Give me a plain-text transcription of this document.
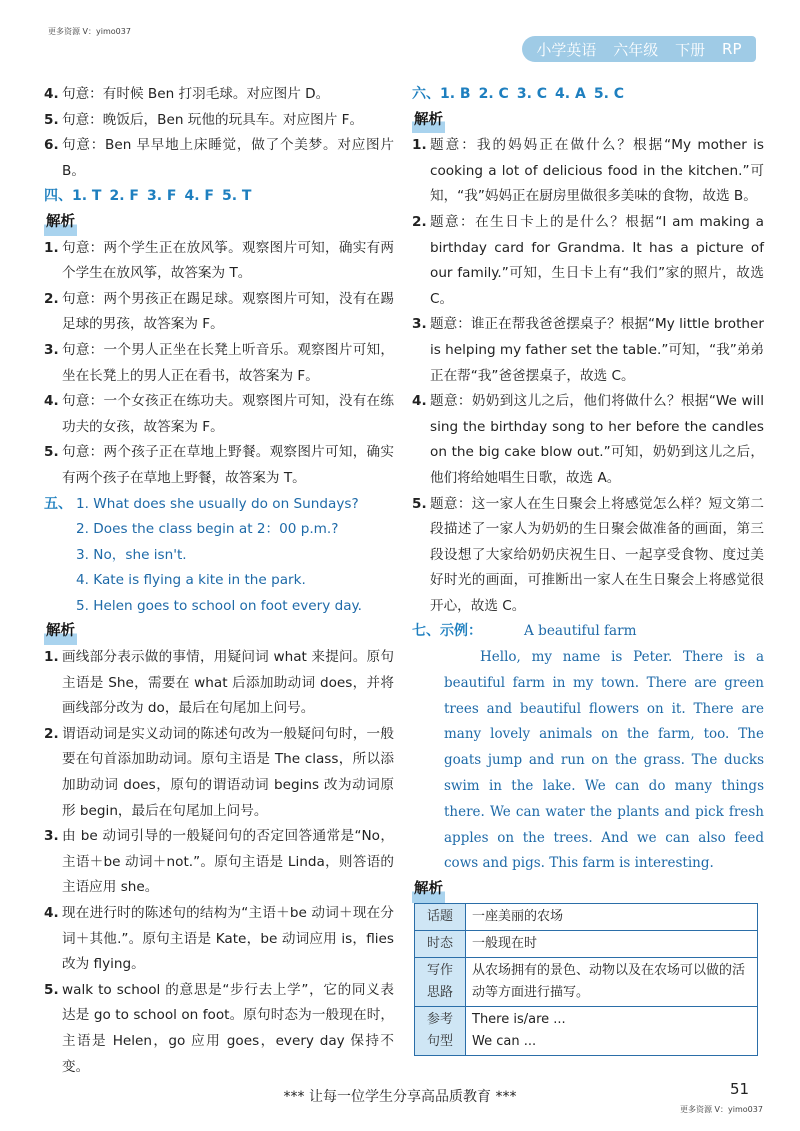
更多资源 V：yimo037
小学英语 六年级 下册 RP
4. 句意：有时候 Ben 打羽毛球。对应图片 D。
5. 句意：晚饭后，Ben 玩他的玩具车。对应图片 F。
6. 句意：Ben 早早地上床睡觉，做了个美梦。对应图片 B。
四、1. T 2. F 3. F 4. F 5. T
解析
1. 句意：两个学生正在放风筝。观察图片可知，确实有两个学生在放风筝，故答案为 T。
2. 句意：两个男孩正在踢足球。观察图片可知，没有在踢足球的男孩，故答案为 F。
3. 句意：一个男人正坐在长凳上听音乐。观察图片可知，坐在长凳上的男人正在看书，故答案为 F。
4. 句意：一个女孩正在练功夫。观察图片可知，没有在练功夫的女孩，故答案为 F。
5. 句意：两个孩子正在草地上野餐。观察图片可知，确实有两个孩子在草地上野餐，故答案为 T。
五、 1. What does she usually do on Sundays?
2. Does the class begin at 2：00 p.m.?
3. No，she isn't.
4. Kate is flying a kite in the park.
5. Helen goes to school on foot every day.
解析
1. 画线部分表示做的事情，用疑问词 what 来提问。原句主语是 She，需要在 what 后添加助动词 does，并将画线部分改为 do，最后在句尾加上问号。
2. 谓语动词是实义动词的陈述句改为一般疑问句时，一般要在句首添加助动词。原句主语是 The class，所以添加助动词 does，原句的谓语动词 begins 改为动词原形 begin，最后在句尾加上问号。
3. 由 be 动词引导的一般疑问句的否定回答通常是“No，主语＋be 动词＋not.”。原句主语是 Linda，则答语的主语应用 she。
4. 现在进行时的陈述句的结构为“主语＋be 动词＋现在分词＋其他.”。原句主语是 Kate，be 动词应用 is，flies 改为 flying。
5. walk to school 的意思是“步行去上学”，它的同义表达是 go to school on foot。原句时态为一般现在时，主语是 Helen，go 应用 goes，every day 保持不变。
六、1. B 2. C 3. C 4. A 5. C
解析
1. 题意：我的妈妈正在做什么？根据“My mother is cooking a lot of delicious food in the kitchen.”可知，“我”妈妈正在厨房里做很多美味的食物，故选 B。
2. 题意：在生日卡上的是什么？根据“I am making a birthday card for Grandma. It has a picture of our family.”可知，生日卡上有“我们”家的照片，故选 C。
3. 题意：谁正在帮我爸爸摆桌子？根据“My little brother is helping my father set the table.”可知，“我”弟弟正在帮“我”爸爸摆桌子，故选 C。
4. 题意：奶奶到这儿之后，他们将做什么？根据“We will sing the birthday song to her before the candles on the big cake blow out.”可知，奶奶到这儿之后，他们将给她唱生日歌，故选 A。
5. 题意：这一家人在生日聚会上将感觉怎么样？短文第二段描述了一家人为奶奶的生日聚会做准备的画面，第三段设想了大家给奶奶庆祝生日、一起享受食物、度过美好时光的画面，可推断出一家人在生日聚会上将感觉很开心，故选 C。
七、示例：	A beautiful farm
Hello, my name is Peter. There is a beautiful farm in my town. There are green trees and beautiful flowers on it. There are many lovely animals on the farm, too. The goats jump and run on the grass. The ducks swim in the lake. We can do many things there. We can water the plants and pick fresh apples on the trees. And we can also feed cows and pigs. This farm is interesting.
解析
话题	一座美丽的农场
时态	一般现在时
写作思路	从农场拥有的景色、动物以及在农场可以做的活动等方面进行描写。
参考句型	There is/are ...
We can ...
*** 让每一位学生分享高品质教育 ***	51
更多资源 V：yimo037
